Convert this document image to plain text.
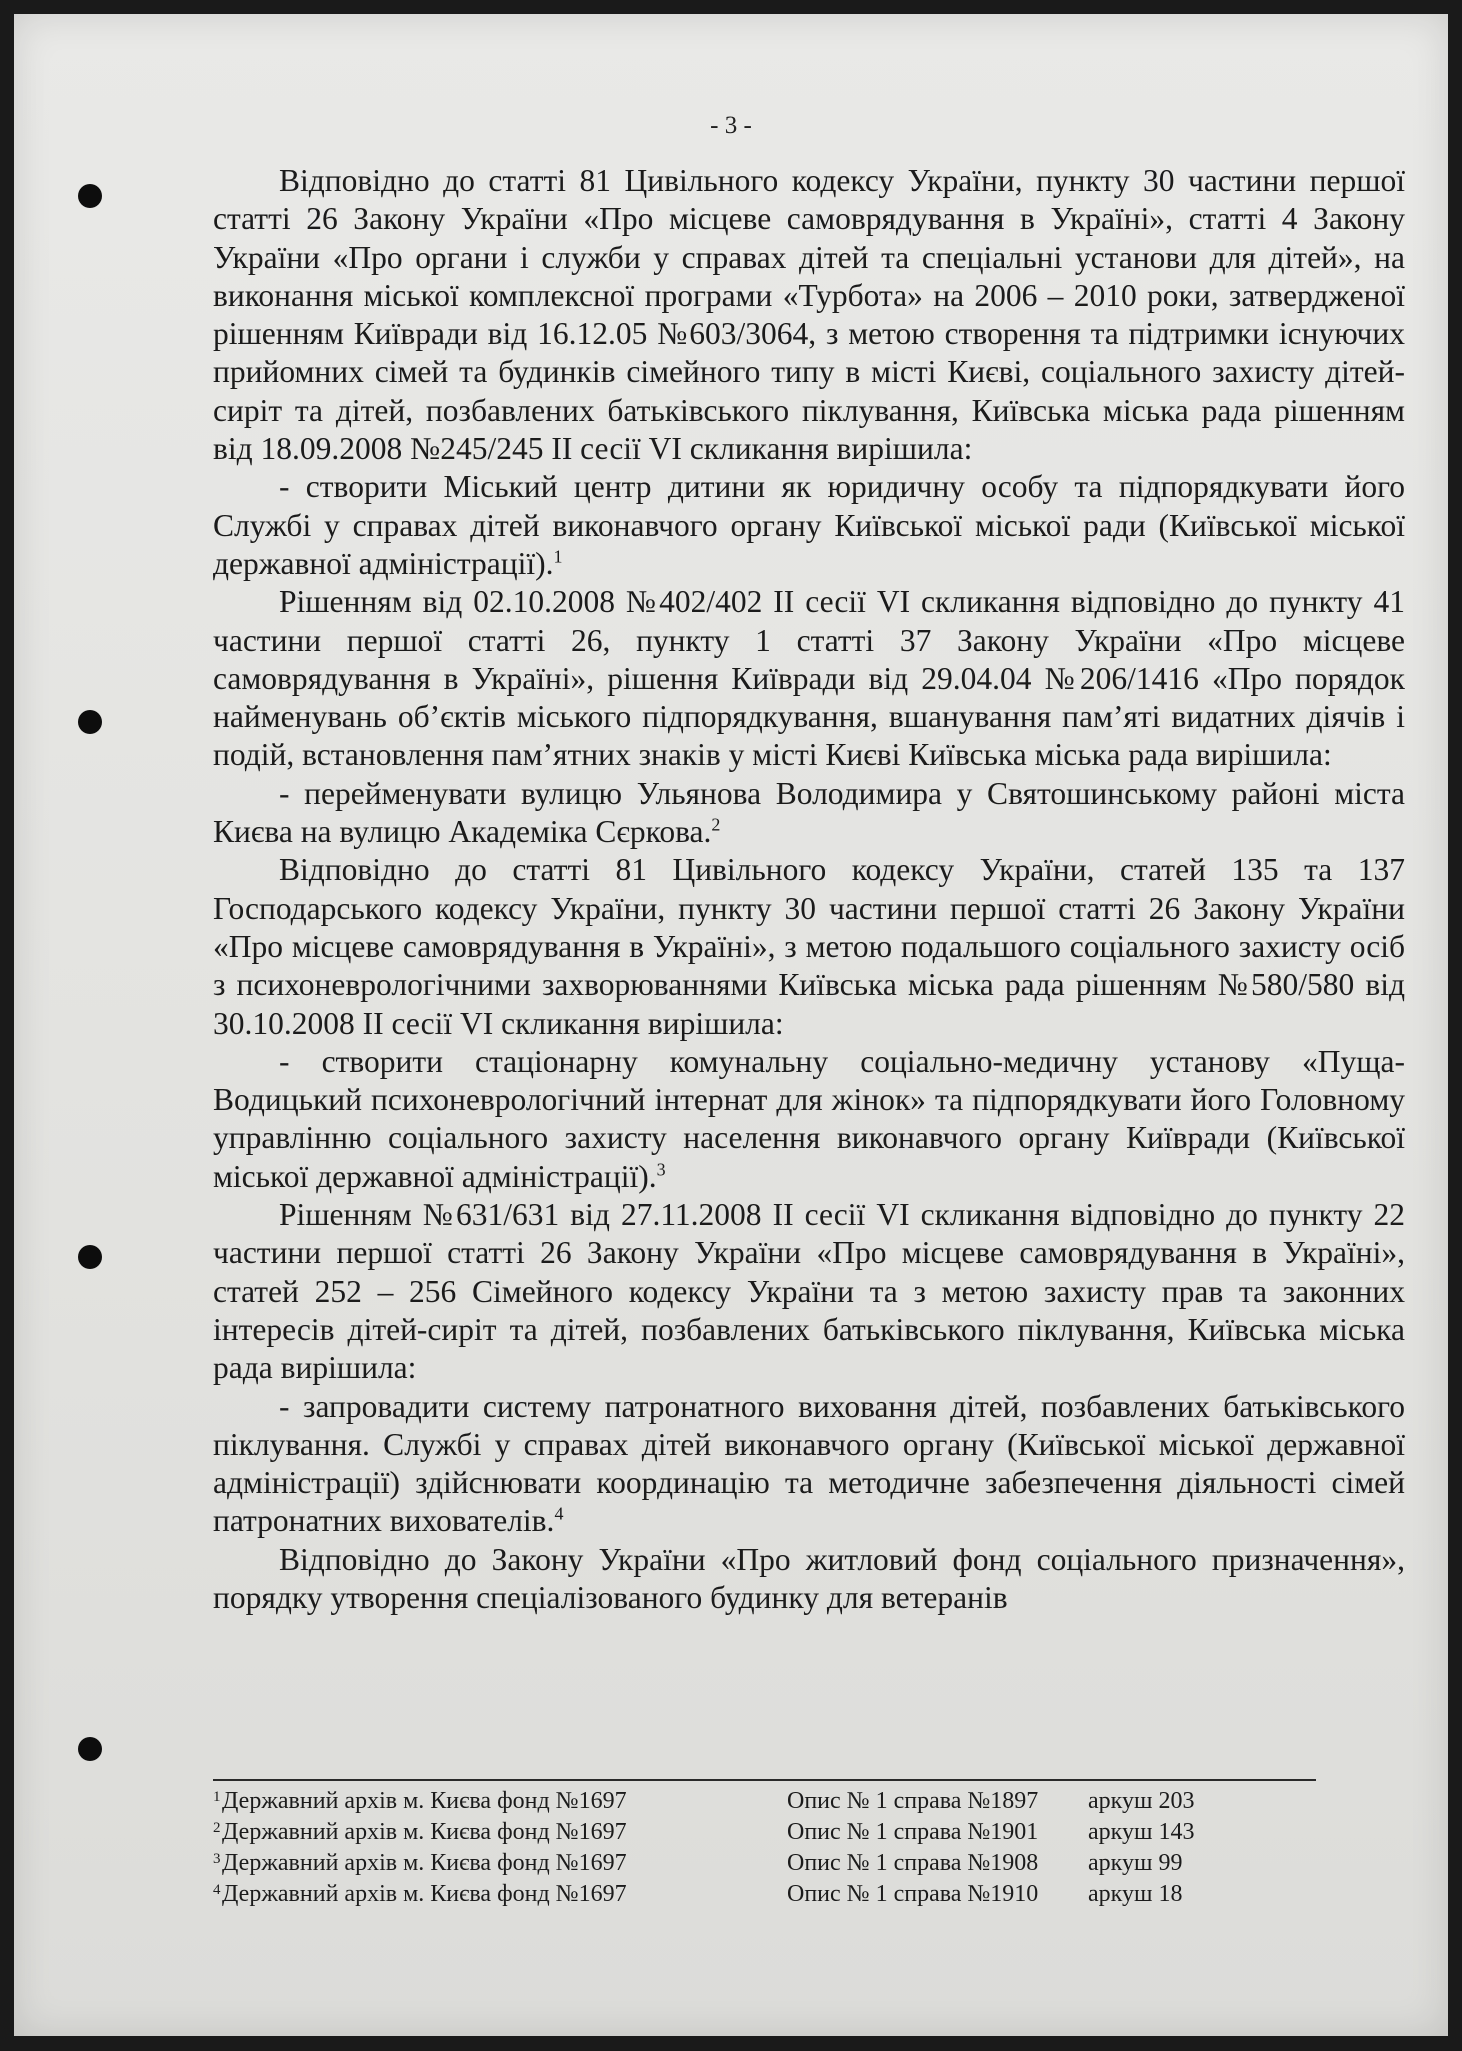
- 3 -

Відповідно до статті 81 Цивільного кодексу України, пункту 30 частини першої статті 26 Закону України «Про місцеве самоврядування в Україні», статті 4 Закону України «Про органи і служби у справах дітей та спеціальні установи для дітей», на виконання міської комплексної програми «Турбота» на 2006 – 2010 роки, затвердженої рішенням Київради від 16.12.05 №603/3064, з метою створення та підтримки існуючих прийомних сімей та будинків сімейного типу в місті Києві, соціального захисту дітей-сиріт та дітей, позбавлених батьківського піклування, Київська міська рада рішенням від 18.09.2008 №245/245 ІІ сесії VІ скликання вирішила:

- створити Міський центр дитини як юридичну особу та підпорядкувати його Службі у справах дітей виконавчого органу Київської міської ради (Київської міської державної адміністрації).$^1$

Рішенням від 02.10.2008 №402/402 ІІ сесії VІ скликання відповідно до пункту 41 частини першої статті 26, пункту 1 статті 37 Закону України «Про місцеве самоврядування в Україні», рішення Київради від 29.04.04 №206/1416 «Про порядок найменувань об’єктів міського підпорядкування, вшанування пам’яті видатних діячів і подій, встановлення пам’ятних знаків у місті Києві Київська міська рада вирішила:

- перейменувати вулицю Ульянова Володимира у Святошинському районі міста Києва на вулицю Академіка Сєркова.$^2$

Відповідно до статті 81 Цивільного кодексу України, статей 135 та 137 Господарського кодексу України, пункту 30 частини першої статті 26 Закону України «Про місцеве самоврядування в Україні», з метою подальшого соціального захисту осіб з психоневрологічними захворюваннями Київська міська рада рішенням №580/580 від 30.10.2008 ІІ сесії VІ скликання вирішила:

- створити стаціонарну комунальну соціально-медичну установу «Пуща-Водицький психоневрологічний інтернат для жінок» та підпорядкувати його Головному управлінню соціального захисту населення виконавчого органу Київради (Київської міської державної адміністрації).$^3$

Рішенням №631/631 від 27.11.2008 ІІ сесії VІ скликання відповідно до пункту 22 частини першої статті 26 Закону України «Про місцеве самоврядування в Україні», статей 252 – 256 Сімейного кодексу України та з метою захисту прав та законних інтересів дітей-сиріт та дітей, позбавлених батьківського піклування, Київська міська рада вирішила:

- запровадити систему патронатного виховання дітей, позбавлених батьківського піклування. Службі у справах дітей виконавчого органу (Київської міської державної адміністрації) здійснювати координацію та методичне забезпечення діяльності сімей патронатних вихователів.$^4$

Відповідно до Закону України «Про житловий фонд соціального призначення», порядку утворення спеціалізованого будинку для ветеранів

1 Державний архів м. Києва фонд №1697	Опис № 1 справа №1897 аркуш 203
2 Державний архів м. Києва фонд №1697	Опис № 1 справа №1901 аркуш 143
3 Державний архів м. Києва фонд №1697	Опис № 1 справа №1908 аркуш 99
4 Державний архів м. Києва фонд №1697	Опис № 1 справа №1910 аркуш 18
